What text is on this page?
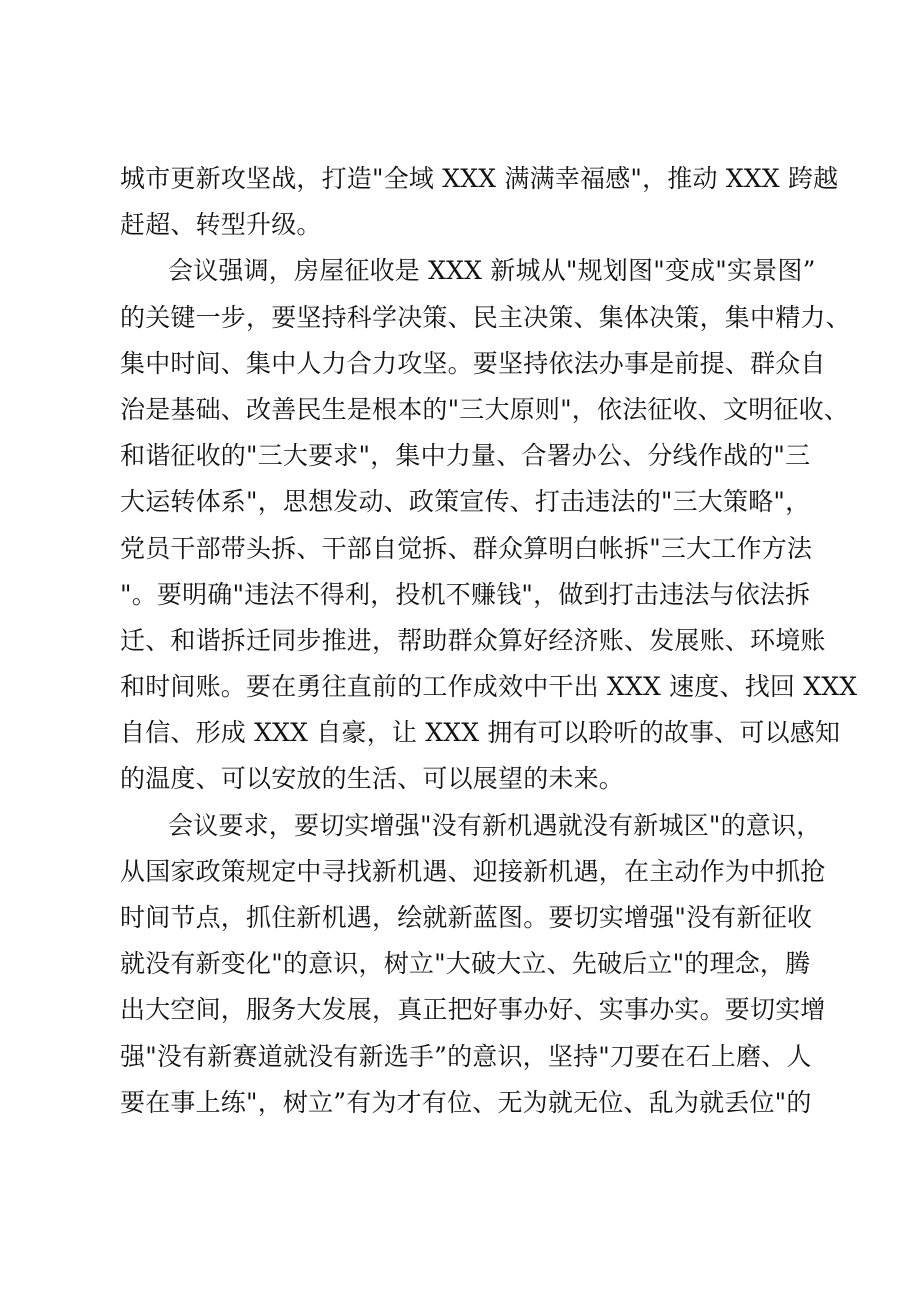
城市更新攻坚战，打造"全域 XXX 满满幸福感"，推动 XXX 跨越
赶超、转型升级。
会议强调，房屋征收是 XXX 新城从"规划图"变成"实景图”
的关键一步，要坚持科学决策、民主决策、集体决策，集中精力、
集中时间、集中人力合力攻坚。要坚持依法办事是前提、群众自
治是基础、改善民生是根本的"三大原则"，依法征收、文明征收、
和谐征收的"三大要求"，集中力量、合署办公、分线作战的"三
大运转体系"，思想发动、政策宣传、打击违法的"三大策略"，
党员干部带头拆、干部自觉拆、群众算明白帐拆"三大工作方法
"。要明确"违法不得利，投机不赚钱"，做到打击违法与依法拆
迁、和谐拆迁同步推进，帮助群众算好经济账、发展账、环境账
和时间账。要在勇往直前的工作成效中干出 XXX 速度、找回 XXX
自信、形成 XXX 自豪，让 XXX 拥有可以聆听的故事、可以感知
的温度、可以安放的生活、可以展望的未来。
会议要求，要切实增强"没有新机遇就没有新城区"的意识，
从国家政策规定中寻找新机遇、迎接新机遇，在主动作为中抓抢
时间节点，抓住新机遇，绘就新蓝图。要切实增强"没有新征收
就没有新变化"的意识，树立"大破大立、先破后立"的理念，腾
出大空间，服务大发展，真正把好事办好、实事办实。要切实增
强"没有新赛道就没有新选手”的意识，坚持"刀要在石上磨、人
要在事上练"，树立”有为才有位、无为就无位、乱为就丢位"的
